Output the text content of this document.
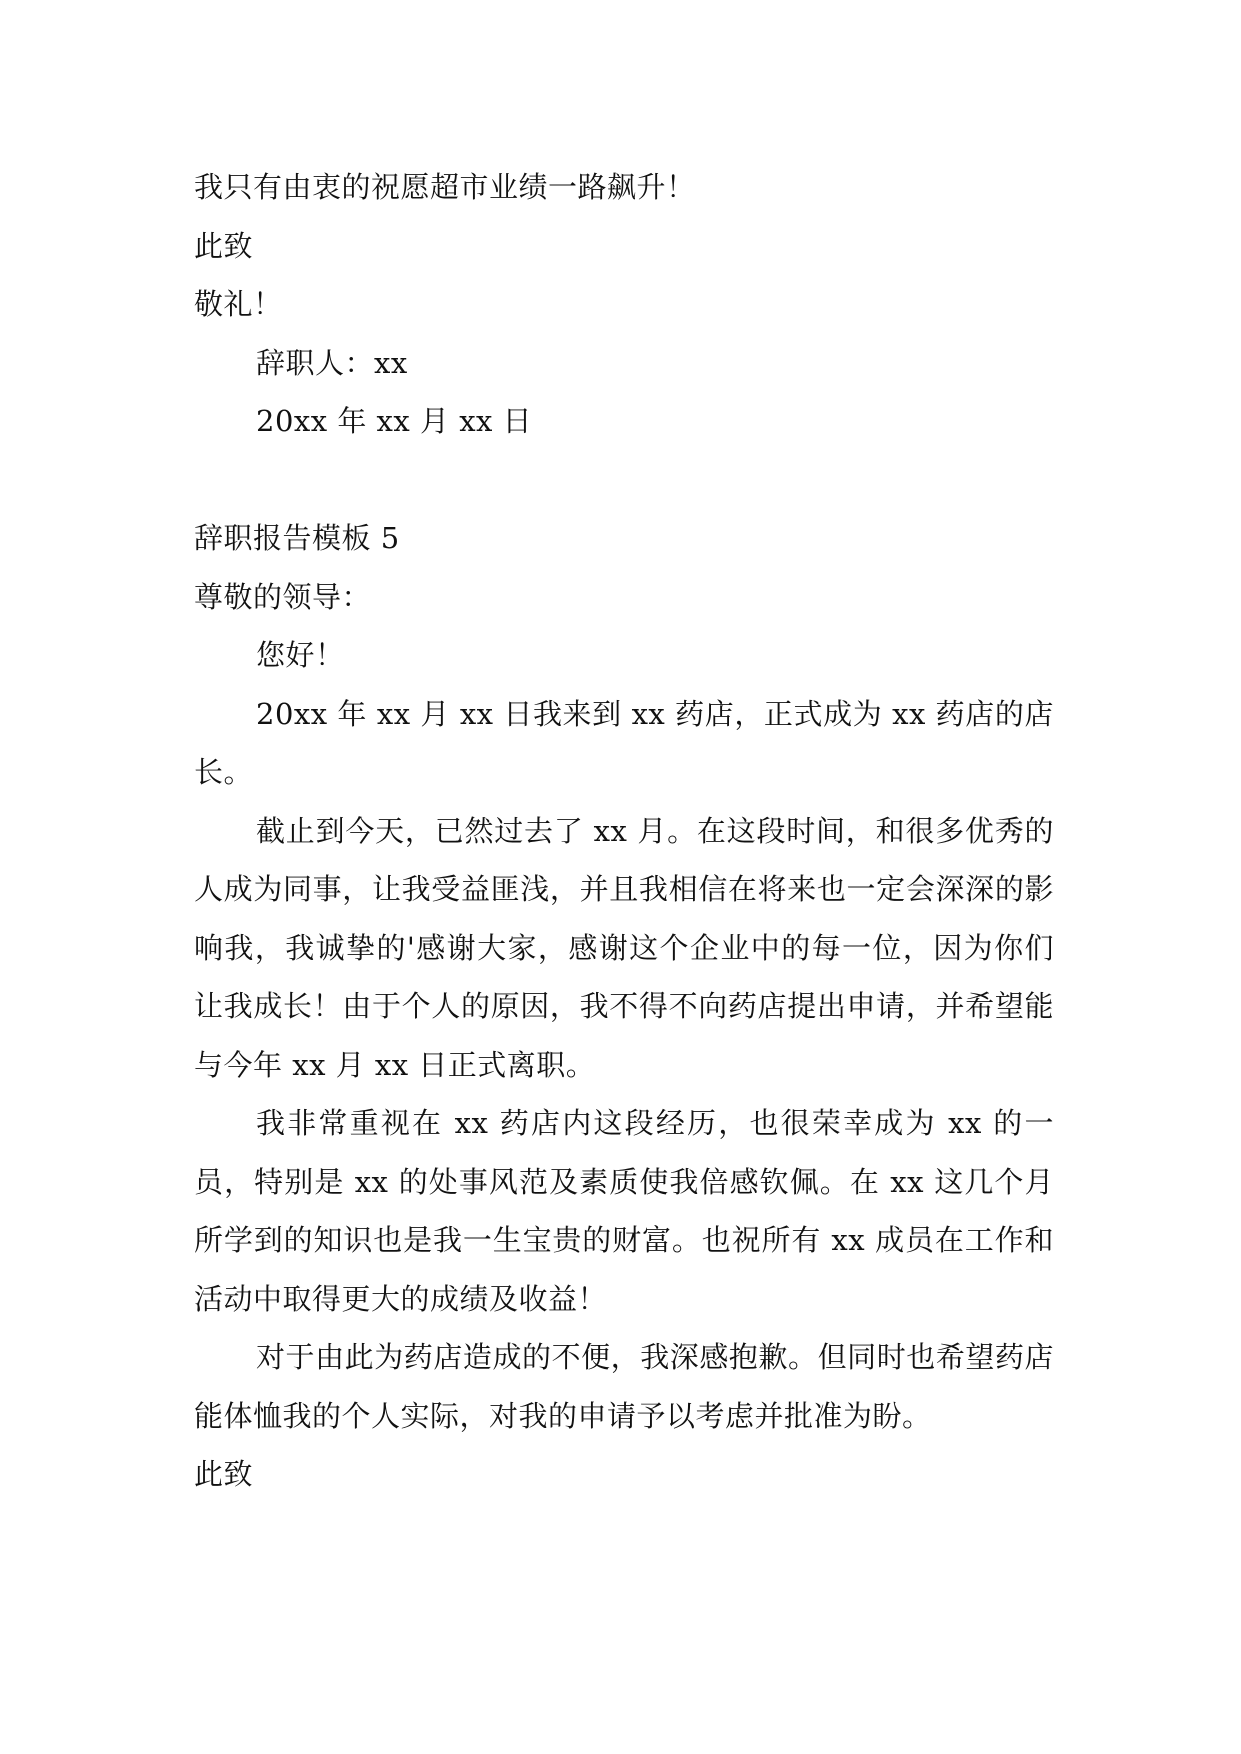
我只有由衷的祝愿超市业绩一路飙升！
此致
敬礼！
辞职人：xx
20xx 年 xx 月 xx 日
辞职报告模板 5
尊敬的领导：
您好！
20xx 年 xx 月 xx 日我来到 xx 药店，正式成为 xx 药店的店长。
截止到今天，已然过去了 xx 月。在这段时间，和很多优秀的人成为同事，让我受益匪浅，并且我相信在将来也一定会深深的影响我，我诚挚的'感谢大家，感谢这个企业中的每一位，因为你们让我成长！由于个人的原因，我不得不向药店提出申请，并希望能与今年 xx 月 xx 日正式离职。
我非常重视在 xx 药店内这段经历，也很荣幸成为 xx 的一员，特别是 xx 的处事风范及素质使我倍感钦佩。在 xx 这几个月所学到的知识也是我一生宝贵的财富。也祝所有 xx 成员在工作和活动中取得更大的成绩及收益！
对于由此为药店造成的不便，我深感抱歉。但同时也希望药店能体恤我的个人实际，对我的申请予以考虑并批准为盼。
此致
